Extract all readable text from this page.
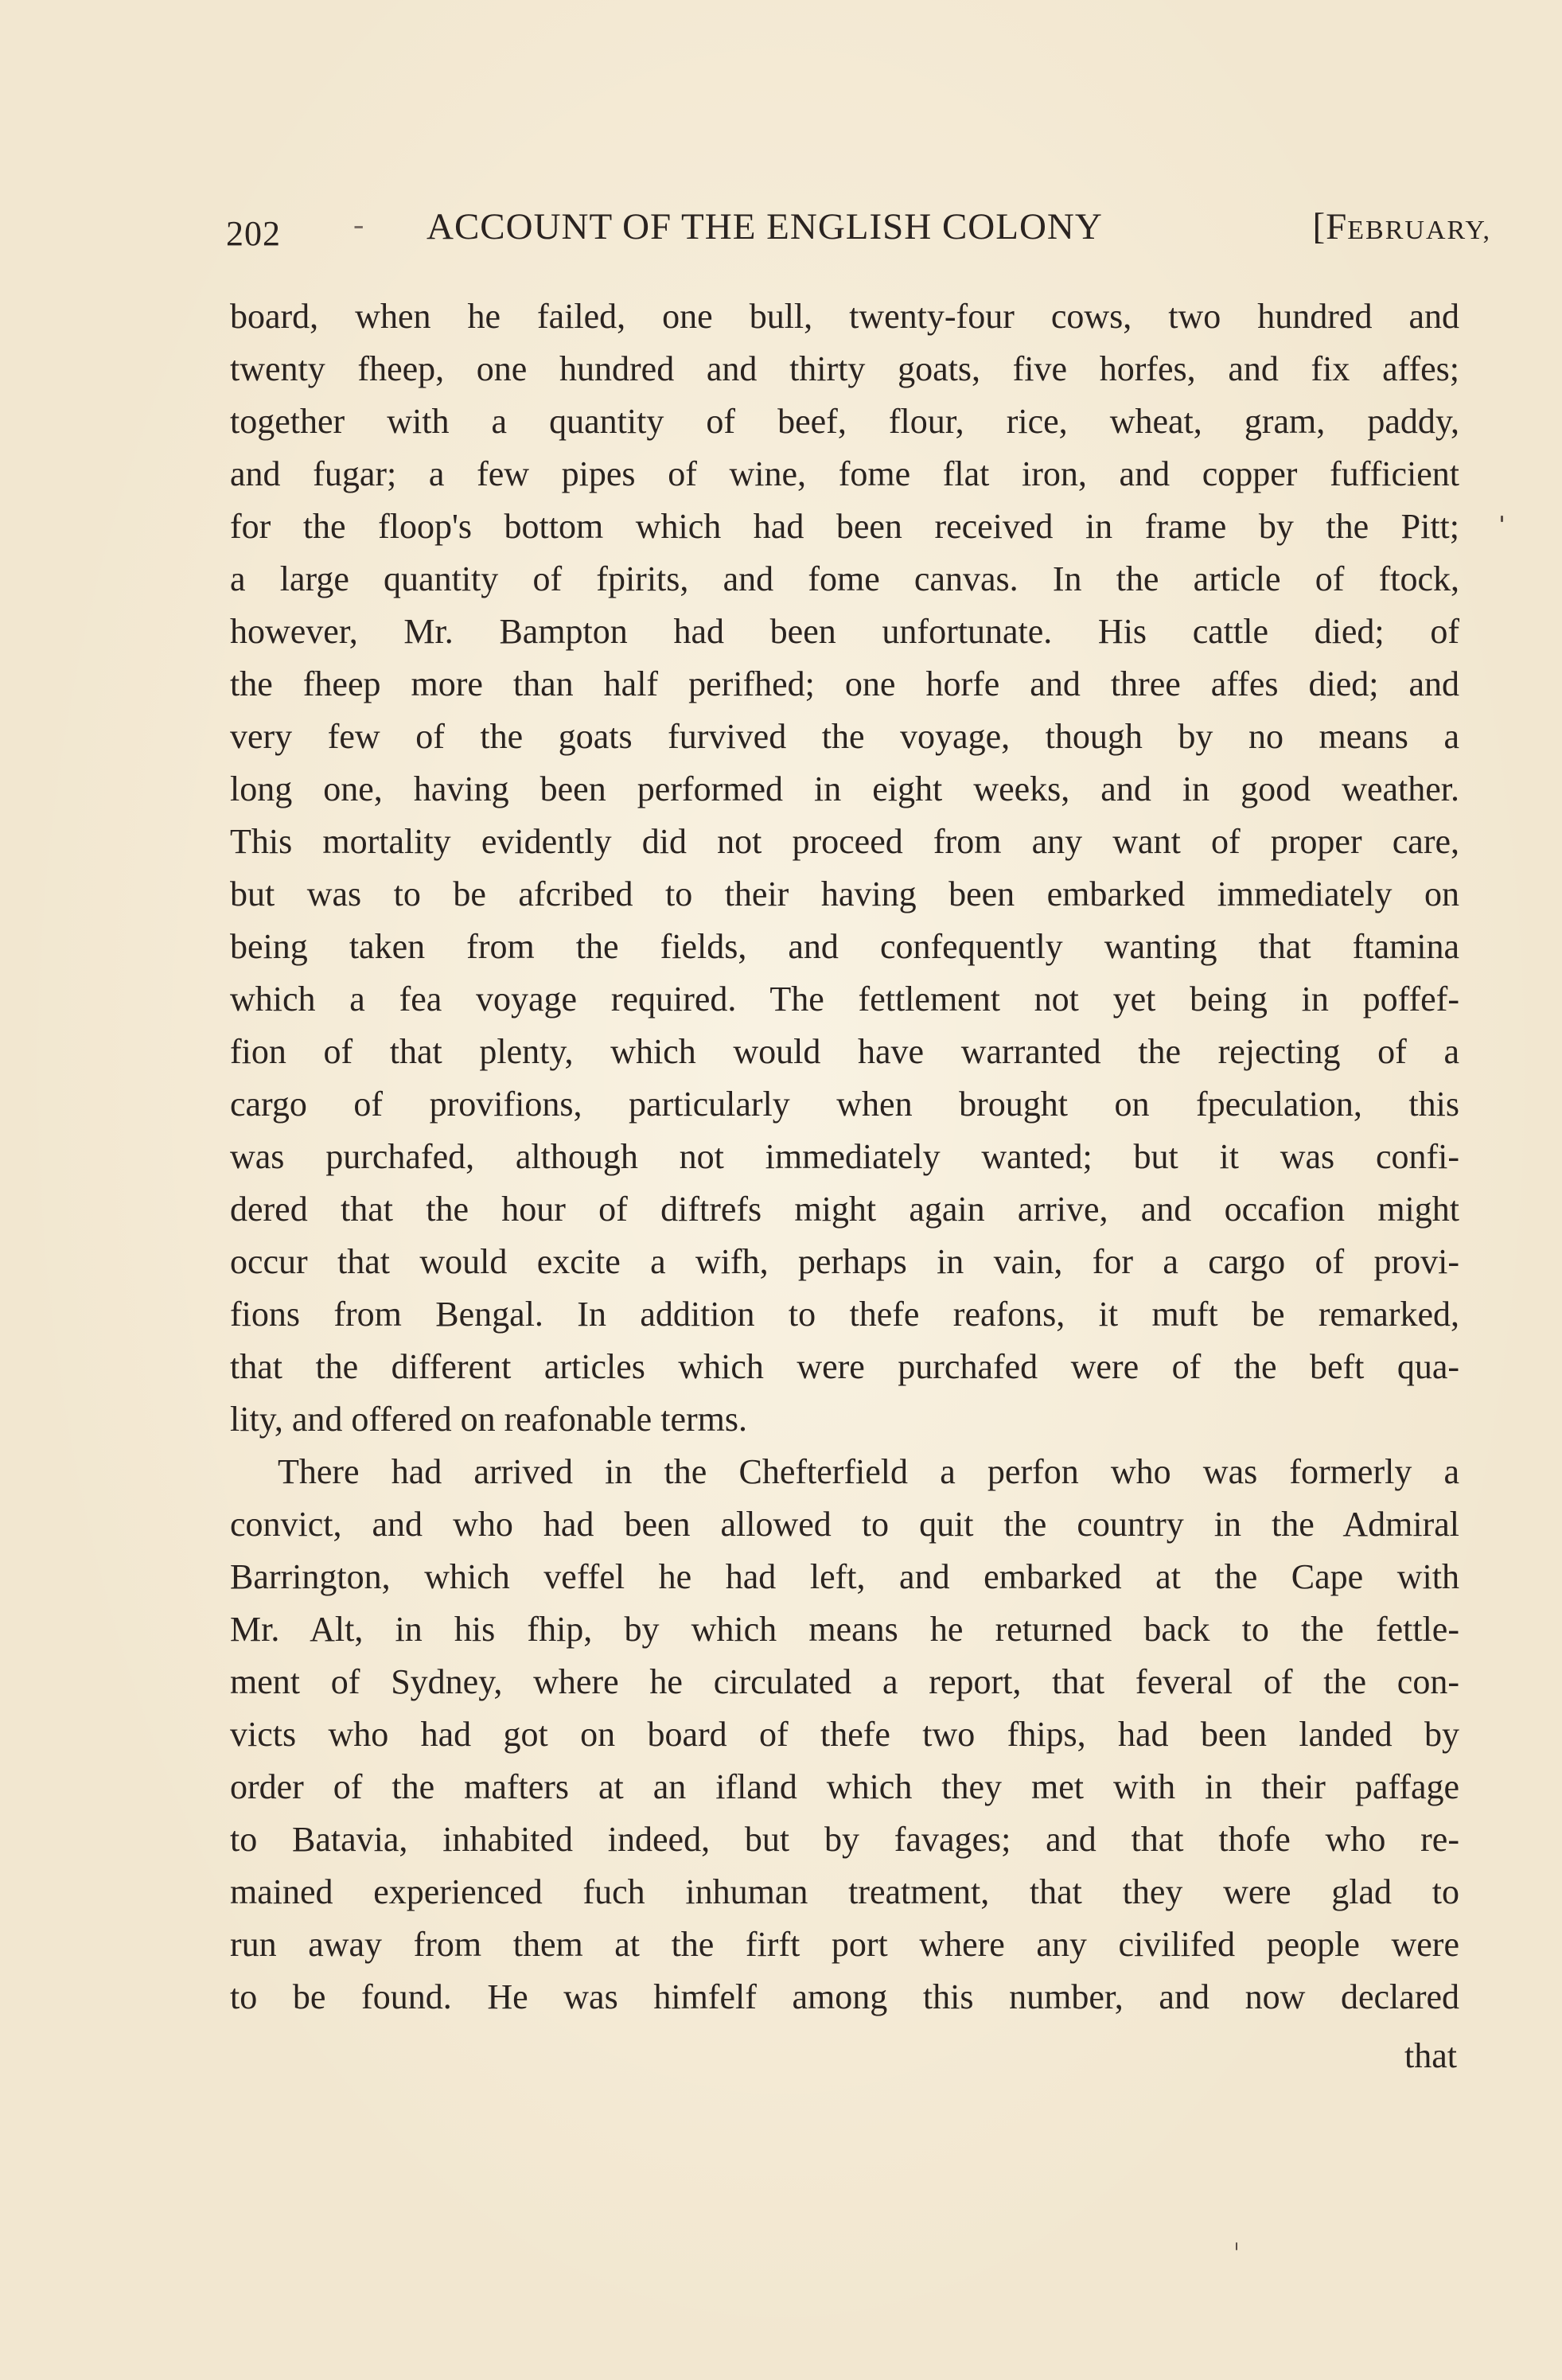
202 - ACCOUNT OF THE ENGLISH COLONY	[FEBRUARY,
board, when he failed, one bull, twenty-four cows, two hundred and
twenty fheep, one hundred and thirty goats, five horfes, and fix affes;
together with a quantity of beef, flour, rice, wheat, gram, paddy,
and fugar; a few pipes of wine, fome flat iron, and copper fufficient
for the floop's bottom which had been received in frame by the Pitt;
a large quantity of fpirits, and fome canvas. In the article of ftock,
however, Mr. Bampton had been unfortunate. His cattle died; of
the fheep more than half perifhed; one horfe and three affes died; and
very few of the goats furvived the voyage, though by no means a
long one, having been performed in eight weeks, and in good weather.
This mortality evidently did not proceed from any want of proper care,
but was to be afcribed to their having been embarked immediately on
being taken from the fields, and confequently wanting that ftamina
which a fea voyage required. The fettlement not yet being in poffef-
fion of that plenty, which would have warranted the rejecting of a
cargo of provifions, particularly when brought on fpeculation, this
was purchafed, although not immediately wanted; but it was confi-
dered that the hour of diftrefs might again arrive, and occafion might
occur that would excite a wifh, perhaps in vain, for a cargo of provi-
fions from Bengal. In addition to thefe reafons, it muft be remarked,
that the different articles which were purchafed were of the beft qua-
lity, and offered on reafonable terms.
There had arrived in the Chefterfield a perfon who was formerly a
convict, and who had been allowed to quit the country in the Admiral
Barrington, which veffel he had left, and embarked at the Cape with
Mr. Alt, in his fhip, by which means he returned back to the fettle-
ment of Sydney, where he circulated a report, that feveral of the con-
victs who had got on board of thefe two fhips, had been landed by
order of the mafters at an ifland which they met with in their paffage
to Batavia, inhabited indeed, but by favages; and that thofe who re-
mained experienced fuch inhuman treatment, that they were glad to
run away from them at the firft port where any civilifed people were
to be found. He was himfelf among this number, and now declared
that
